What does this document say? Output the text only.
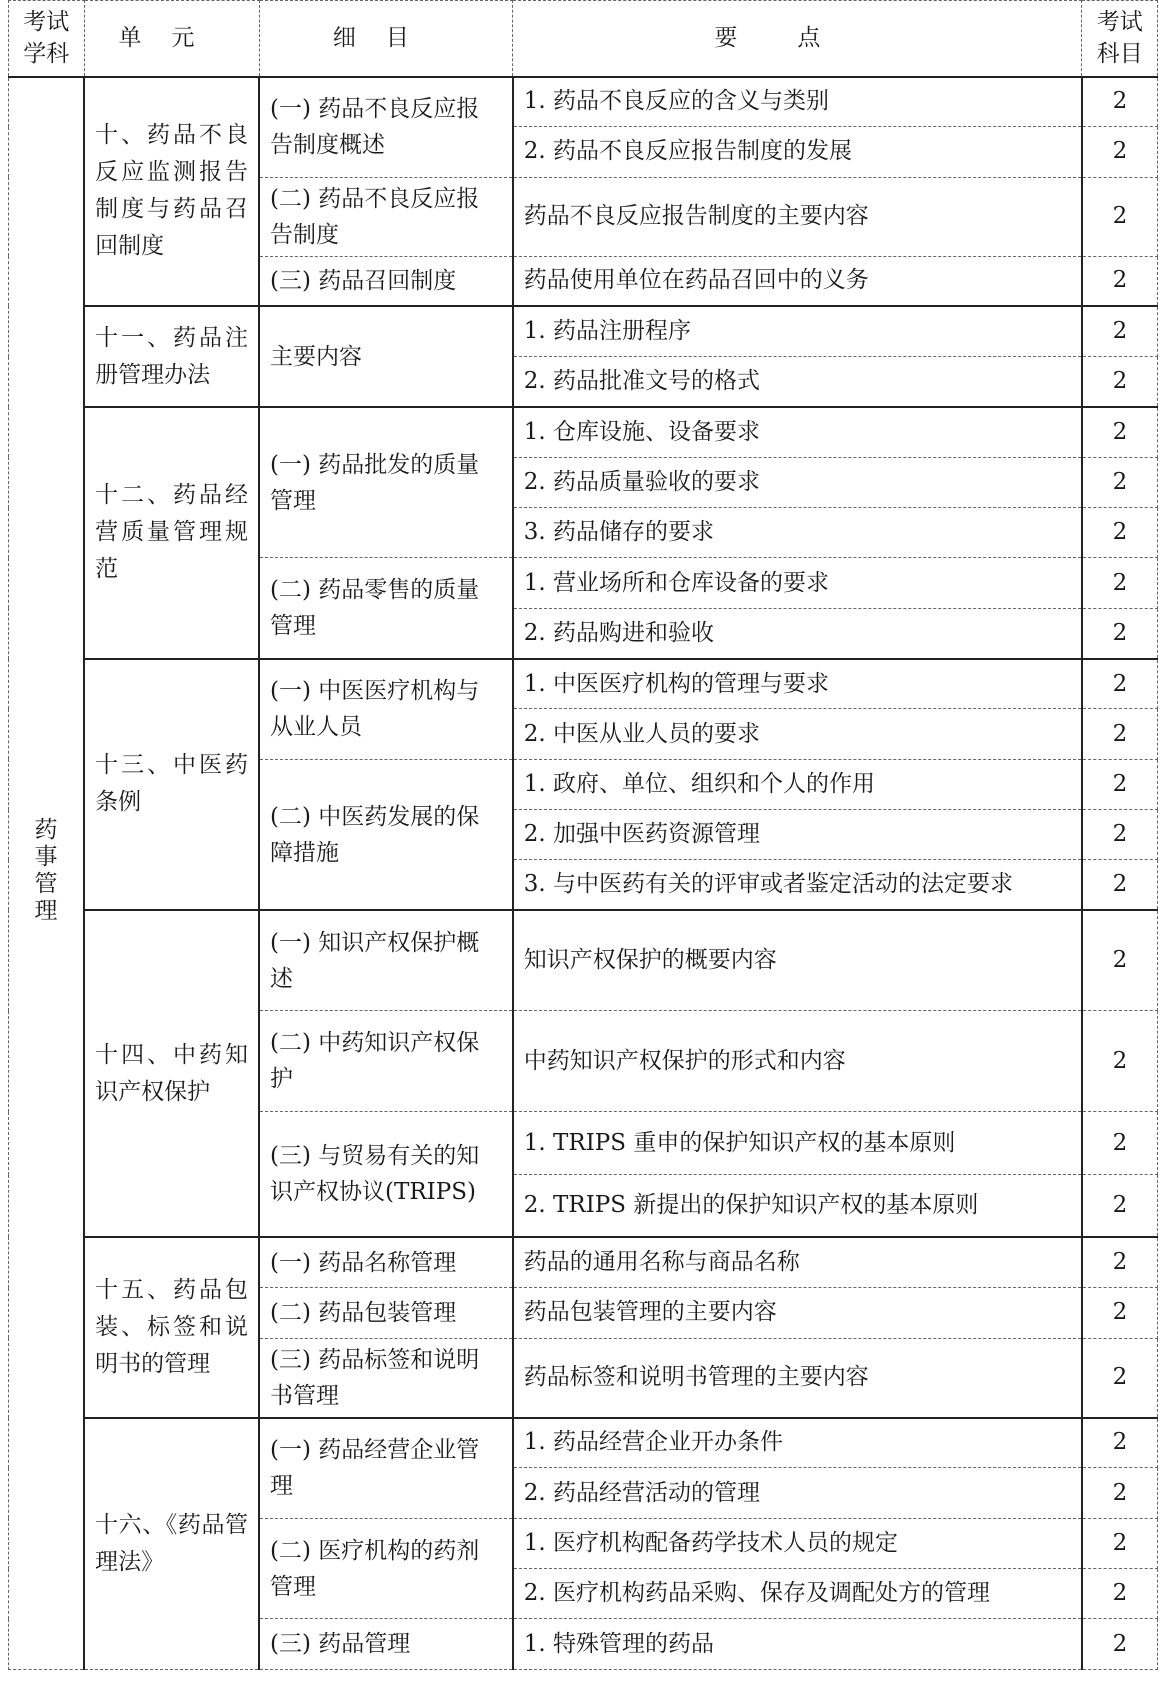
考试学科	单元	细目	要点	考试科目
药事管理	十、药品不良反应监测报告制度与药品召回制度	(一) 药品不良反应报告制度概述	1. 药品不良反应的含义与类别	2
			2. 药品不良反应报告制度的发展	2
		(二) 药品不良反应报告制度	药品不良反应报告制度的主要内容	2
		(三) 药品召回制度	药品使用单位在药品召回中的义务	2
	十一、药品注册管理办法	主要内容	1. 药品注册程序	2
			2. 药品批准文号的格式	2
	十二、药品经营质量管理规范	(一) 药品批发的质量管理	1. 仓库设施、设备要求	2
			2. 药品质量验收的要求	2
			3. 药品储存的要求	2
		(二) 药品零售的质量管理	1. 营业场所和仓库设备的要求	2
			2. 药品购进和验收	2
	十三、中医药条例	(一) 中医医疗机构与从业人员	1. 中医医疗机构的管理与要求	2
			2. 中医从业人员的要求	2
		(二) 中医药发展的保障措施	1. 政府、单位、组织和个人的作用	2
			2. 加强中医药资源管理	2
			3. 与中医药有关的评审或者鉴定活动的法定要求	2
	十四、中药知识产权保护	(一) 知识产权保护概述	知识产权保护的概要内容	2
		(二) 中药知识产权保护	中药知识产权保护的形式和内容	2
		(三) 与贸易有关的知识产权协议(TRIPS)	1. TRIPS 重申的保护知识产权的基本原则	2
			2. TRIPS 新提出的保护知识产权的基本原则	2
	十五、药品包装、标签和说明书的管理	(一) 药品名称管理	药品的通用名称与商品名称	2
		(二) 药品包装管理	药品包装管理的主要内容	2
		(三) 药品标签和说明书管理	药品标签和说明书管理的主要内容	2
	十六、《药品管理法》	(一) 药品经营企业管理	1. 药品经营企业开办条件	2
			2. 药品经营活动的管理	2
		(二) 医疗机构的药剂管理	1. 医疗机构配备药学技术人员的规定	2
			2. 医疗机构药品采购、保存及调配处方的管理	2
		(三) 药品管理	1. 特殊管理的药品	2
